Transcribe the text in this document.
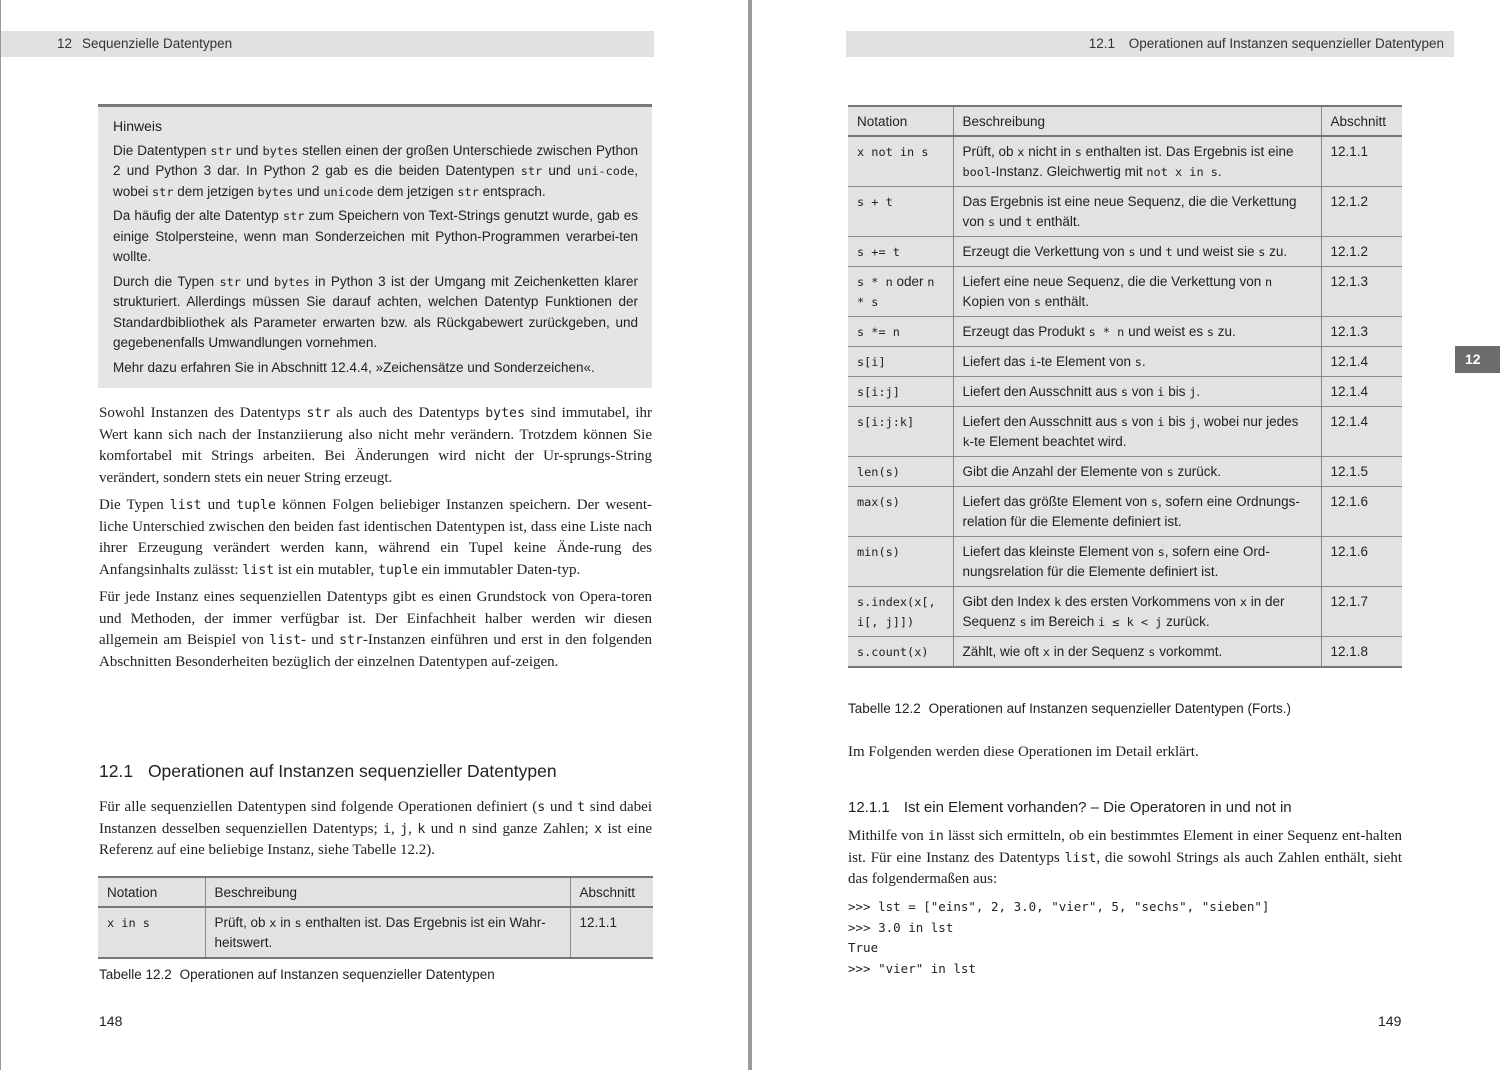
12 Sequenzielle Datentypen
Hinweis

Die Datentypen str und bytes stellen einen der großen Unterschiede zwischen Python 2 und Python 3 dar. In Python 2 gab es die beiden Datentypen str und uni-code, wobei str dem jetzigen bytes und unicode dem jetzigen str entsprach.

Da häufig der alte Datentyp str zum Speichern von Text-Strings genutzt wurde, gab es einige Stolpersteine, wenn man Sonderzeichen mit Python-Programmen verarbei-ten wollte.

Durch die Typen str und bytes in Python 3 ist der Umgang mit Zeichenketten klarer strukturiert. Allerdings müssen Sie darauf achten, welchen Datentyp Funktionen der Standardbibliothek als Parameter erwarten bzw. als Rückgabewert zurückgeben, und gegebenenfalls Umwandlungen vornehmen.

Mehr dazu erfahren Sie in Abschnitt 12.4.4, »Zeichensätze und Sonderzeichen«.

Sowohl Instanzen des Datentyps str als auch des Datentyps bytes sind immutabel, ihr Wert kann sich nach der Instanziierung also nicht mehr verändern. Trotzdem können Sie komfortabel mit Strings arbeiten. Bei Änderungen wird nicht der Ur-sprungs-String verändert, sondern stets ein neuer String erzeugt.

Die Typen list und tuple können Folgen beliebiger Instanzen speichern. Der wesent-liche Unterschied zwischen den beiden fast identischen Datentypen ist, dass eine Liste nach ihrer Erzeugung verändert werden kann, während ein Tupel keine Ände-rung des Anfangsinhalts zulässt: list ist ein mutabler, tuple ein immutabler Daten-typ.

Für jede Instanz eines sequenziellen Datentyps gibt es einen Grundstock von Opera-toren und Methoden, der immer verfügbar ist. Der Einfachheit halber werden wir diesen allgemein am Beispiel von list- und str-Instanzen einführen und erst in den folgenden Abschnitten Besonderheiten bezüglich der einzelnen Datentypen auf-zeigen.

12.1 Operationen auf Instanzen sequenzieller Datentypen

Für alle sequenziellen Datentypen sind folgende Operationen definiert (s und t sind dabei Instanzen desselben sequenziellen Datentyps; i, j, k und n sind ganze Zahlen; x ist eine Referenz auf eine beliebige Instanz, siehe Tabelle 12.2).

Notation	Beschreibung	Abschnitt
x in s	Prüft, ob x in s enthalten ist. Das Ergebnis ist ein Wahr-heitswert.	12.1.1
Tabelle 12.2 Operationen auf Instanzen sequenzieller Datentypen
148
12.1 Operationen auf Instanzen sequenzieller Datentypen
Notation	Beschreibung	Abschnitt
x not in s	Prüft, ob x nicht in s enthalten ist. Das Ergebnis ist eine bool-Instanz. Gleichwertig mit not x in s.	12.1.1
s + t	Das Ergebnis ist eine neue Sequenz, die die Verkettung von s und t enthält.	12.1.2
s += t	Erzeugt die Verkettung von s und t und weist sie s zu.	12.1.2
s * n oder n * s	Liefert eine neue Sequenz, die die Verkettung von n Kopien von s enthält.	12.1.3
s *= n	Erzeugt das Produkt s * n und weist es s zu.	12.1.3
s[i]	Liefert das i-te Element von s.	12.1.4
s[i:j]	Liefert den Ausschnitt aus s von i bis j.	12.1.4
s[i:j:k]	Liefert den Ausschnitt aus s von i bis j, wobei nur jedes k-te Element beachtet wird.	12.1.4
len(s)	Gibt die Anzahl der Elemente von s zurück.	12.1.5
max(s)	Liefert das größte Element von s, sofern eine Ordnungs-relation für die Elemente definiert ist.	12.1.6
min(s)	Liefert das kleinste Element von s, sofern eine Ord-nungsrelation für die Elemente definiert ist.	12.1.6
s.index(x[, i[, j]])	Gibt den Index k des ersten Vorkommens von x in der Sequenz s im Bereich i ≤ k < j zurück.	12.1.7
s.count(x)	Zählt, wie oft x in der Sequenz s vorkommt.	12.1.8
Tabelle 12.2 Operationen auf Instanzen sequenzieller Datentypen (Forts.)

Im Folgenden werden diese Operationen im Detail erklärt.

12.1.1 Ist ein Element vorhanden? – Die Operatoren in und not in

Mithilfe von in lässt sich ermitteln, ob ein bestimmtes Element in einer Sequenz ent-halten ist. Für eine Instanz des Datentyps list, die sowohl Strings als auch Zahlen enthält, sieht das folgendermaßen aus:

>>> lst = ["eins", 2, 3.0, "vier", 5, "sechs", "sieben"]
>>> 3.0 in lst
True
>>> "vier" in lst
149
12
